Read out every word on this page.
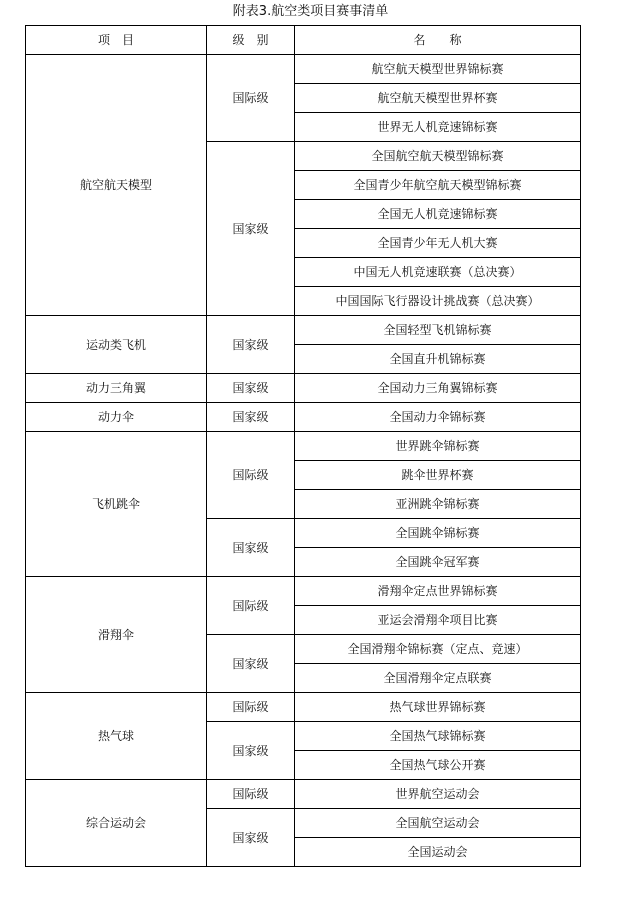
附表3.航空类项目赛事清单
项　目	级　别	名　　称
航空航天模型	国际级	航空航天模型世界锦标赛
		航空航天模型世界杯赛
		世界无人机竞速锦标赛
	国家级	全国航空航天模型锦标赛
		全国青少年航空航天模型锦标赛
		全国无人机竞速锦标赛
		全国青少年无人机大赛
		中国无人机竞速联赛（总决赛）
		中国国际飞行器设计挑战赛（总决赛）
运动类飞机	国家级	全国轻型飞机锦标赛
		全国直升机锦标赛
动力三角翼	国家级	全国动力三角翼锦标赛
动力伞	国家级	全国动力伞锦标赛
飞机跳伞	国际级	世界跳伞锦标赛
		跳伞世界杯赛
		亚洲跳伞锦标赛
	国家级	全国跳伞锦标赛
		全国跳伞冠军赛
滑翔伞	国际级	滑翔伞定点世界锦标赛
		亚运会滑翔伞项目比赛
	国家级	全国滑翔伞锦标赛（定点、竞速）
		全国滑翔伞定点联赛
热气球	国际级	热气球世界锦标赛
	国家级	全国热气球锦标赛
		全国热气球公开赛
综合运动会	国际级	世界航空运动会
	国家级	全国航空运动会
		全国运动会
